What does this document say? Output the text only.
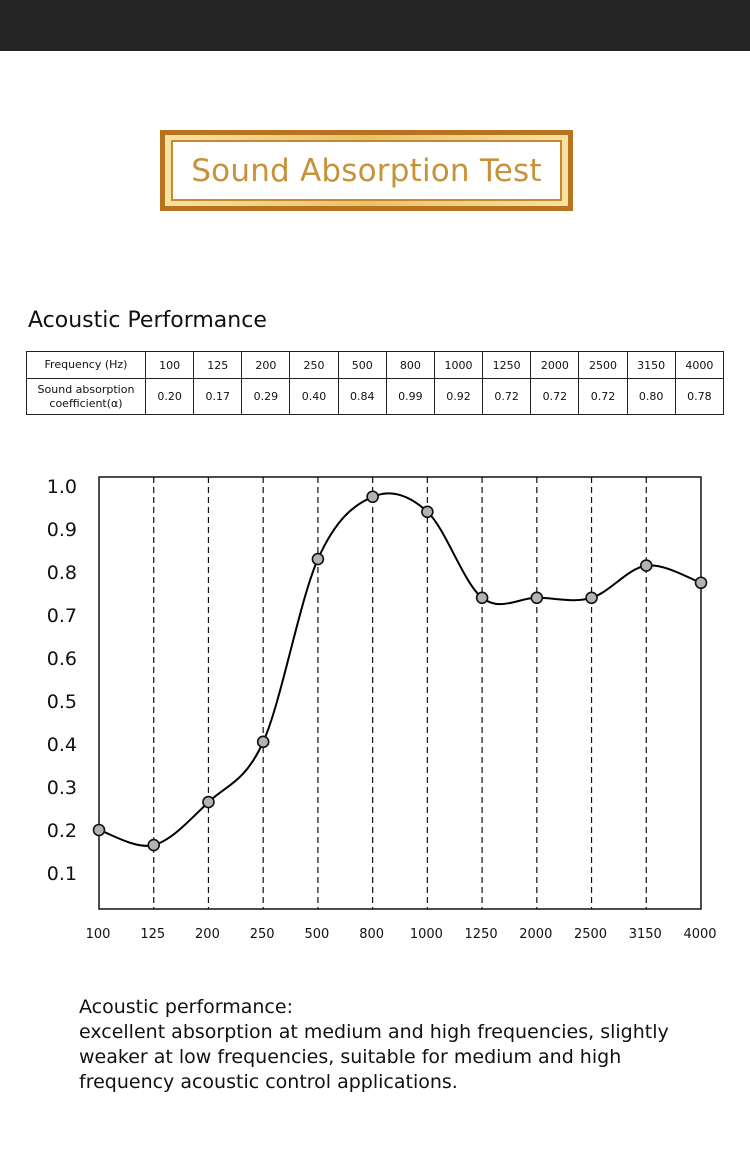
Sound Absorption Test
Acoustic Performance
Frequency (Hz)	100	125	200	250	500	800	1000	1250	2000	2500	3150	4000

Sound absorption
coefficient(α)	0.20	0.17	0.29	0.40	0.84	0.99	0.92	0.72	0.72	0.72	0.80	0.78
1.0
0.9
0.8
0.7
0.6
0.5
0.4
0.3
0.2
0.1
100 125 200 250 500 800 1000 1250 2000 2500 3150 4000
Acoustic performance:
excellent absorption at medium and high frequencies, slightly
weaker at low frequencies, suitable for medium and high
frequency acoustic control applications.
